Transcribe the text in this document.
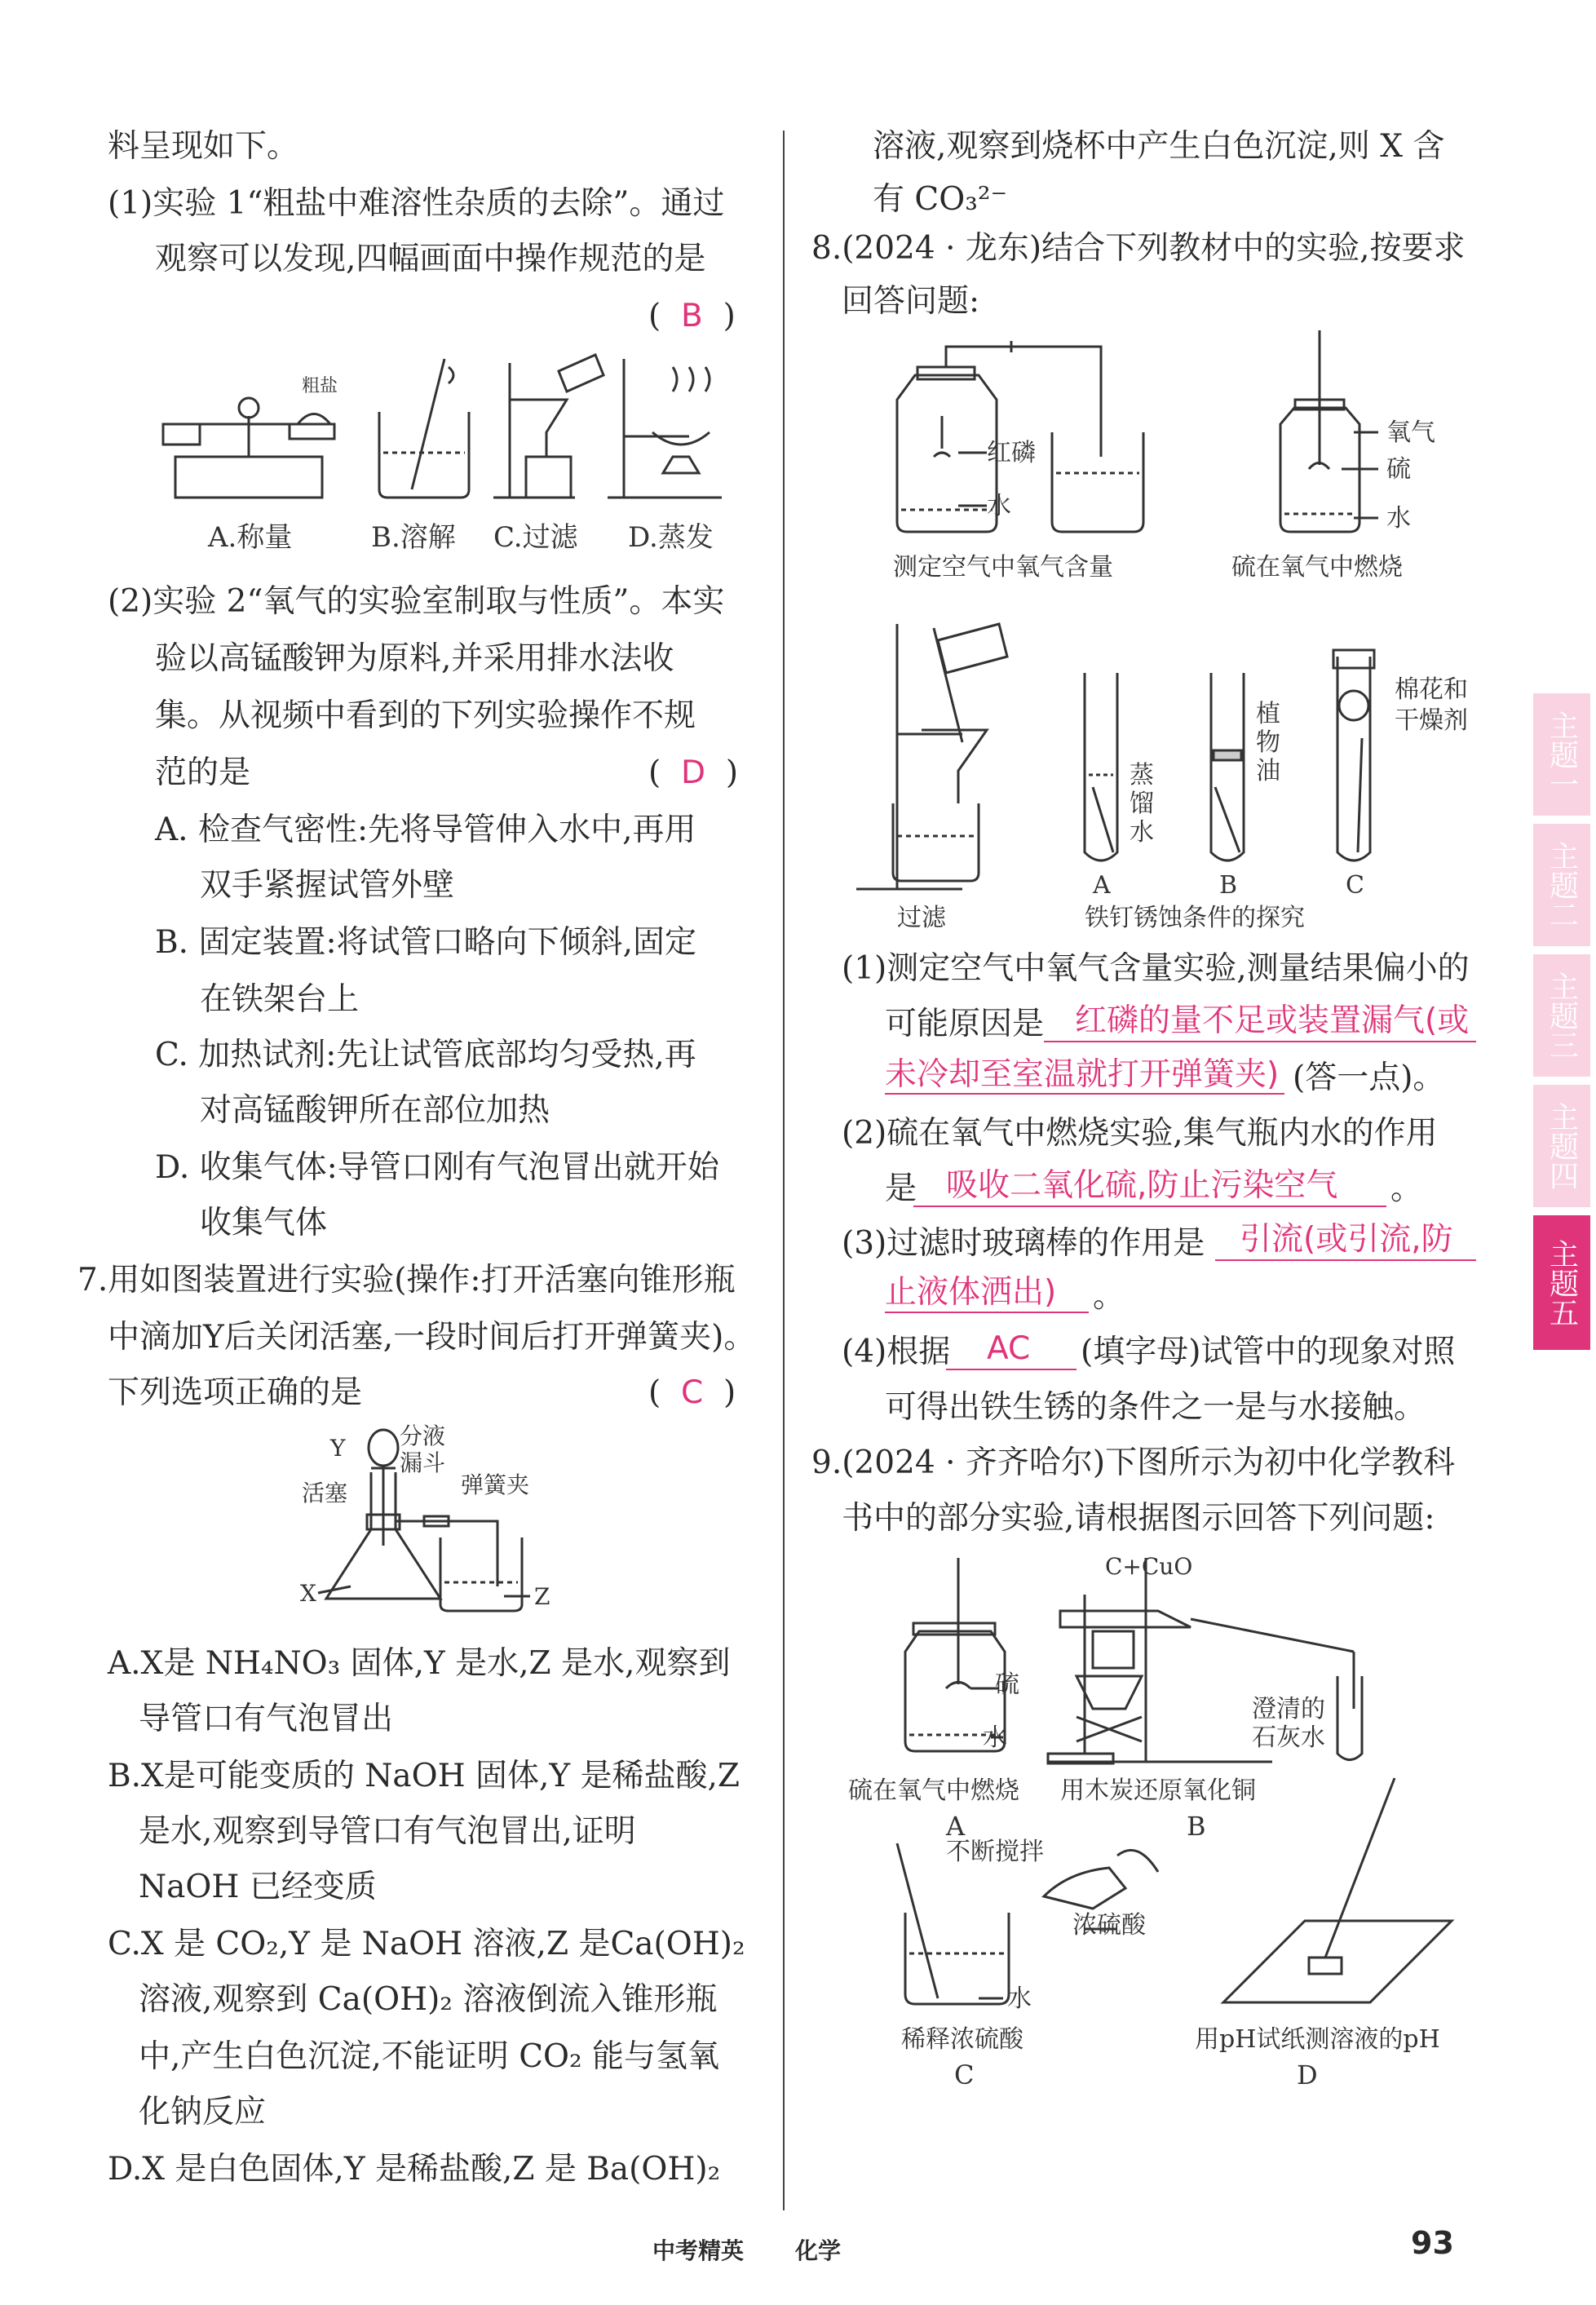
料呈现如下。
(1)实验 1“粗盐中难溶性杂质的去除”。通过
观察可以发现,四幅画面中操作规范的是
(  B  )
粗盐
A.称量	B.溶解 C.过滤 D.蒸发
(2)实验 2“氧气的实验室制取与性质”。本实
验以高锰酸钾为原料,并采用排水法收
集。从视频中看到的下列实验操作不规
范的是	(  D  )
A. 检查气密性:先将导管伸入水中,再用
双手紧握试管外壁
B. 固定装置:将试管口略向下倾斜,固定
在铁架台上
C. 加热试剂:先让试管底部均匀受热,再
对高锰酸钾所在部位加热
D. 收集气体:导管口刚有气泡冒出就开始
收集气体
7.用如图装置进行实验(操作:打开活塞向锥形瓶
中滴加Y后关闭活塞,一段时间后打开弹簧夹)。
下列选项正确的是	(  C  )
分液
漏斗
弹簧夹
活塞
Y
X	Z
A.X是 NH₄NO₃ 固体,Y 是水,Z 是水,观察到
导管口有气泡冒出
B.X是可能变质的 NaOH 固体,Y 是稀盐酸,Z
是水,观察到导管口有气泡冒出,证明
NaOH 已经变质
C.X 是 CO₂,Y 是 NaOH 溶液,Z 是Ca(OH)₂
溶液,观察到 Ca(OH)₂ 溶液倒流入锥形瓶
中,产生白色沉淀,不能证明 CO₂ 能与氢氧
化钠反应
D.X 是白色固体,Y 是稀盐酸,Z 是 Ba(OH)₂
溶液,观察到烧杯中产生白色沉淀,则 X 含
有 CO₃²⁻
8.(2024 · 龙东)结合下列教材中的实验,按要求
回答问题:
红磷
水
氧气
硫
水
测定空气中氧气含量	硫在氧气中燃烧
蒸
馏
水
植
物
油
棉花和
干燥剂
A	B	C
过滤	铁钉锈蚀条件的探究
(1)测定空气中氧气含量实验,测量结果偏小的
可能原因是 红磷的量不足或装置漏气(或
未冷却至室温就打开弹簧夹) (答一点)。
(2)硫在氧气中燃烧实验,集气瓶内水的作用
是 吸收二氧化硫,防止污染空气 。
(3)过滤时玻璃棒的作用是 引流(或引流,防
止液体洒出) 。
(4)根据 AC (填字母)试管中的现象对照
可得出铁生锈的条件之一是与水接触。
9.(2024 · 齐齐哈尔)下图所示为初中化学教科
书中的部分实验,请根据图示回答下列问题:
硫
水
硫在氧气中燃烧
A
C+CuO
澄清的
石灰水
用木炭还原氧化铜
B
不断搅拌
浓硫酸
水
稀释浓硫酸
C
用pH试纸测溶液的pH
D
主题一
主题二
主题三
主题四
主题五
中考精英 化学	93
